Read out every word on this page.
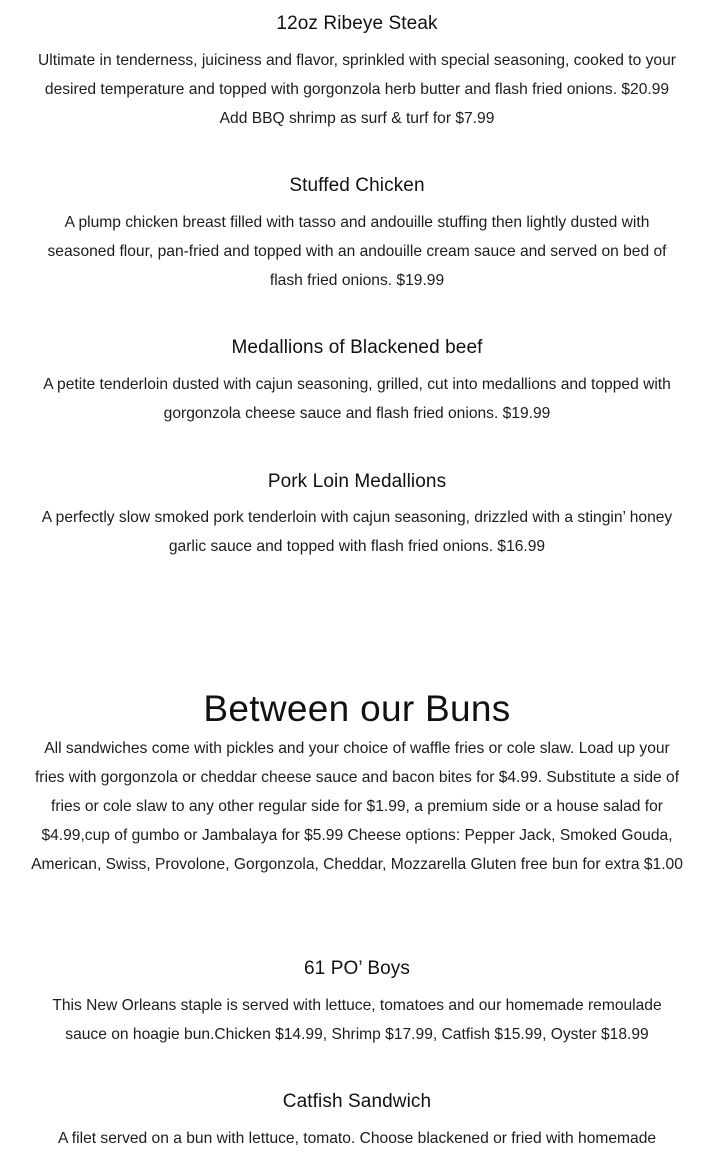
12oz Ribeye Steak
Ultimate in tenderness, juiciness and flavor, sprinkled with special seasoning, cooked to your desired temperature and topped with gorgonzola herb butter and flash fried onions. $20.99 Add BBQ shrimp as surf & turf for $7.99
Stuffed Chicken
A plump chicken breast filled with tasso and andouille stuffing then lightly dusted with seasoned flour, pan-fried and topped with an andouille cream sauce and served on bed of flash fried onions. $19.99
Medallions of Blackened beef
A petite tenderloin dusted with cajun seasoning, grilled, cut into medallions and topped with gorgonzola cheese sauce and flash fried onions. $19.99
Pork Loin Medallions
A perfectly slow smoked pork tenderloin with cajun seasoning, drizzled with a stingin’ honey garlic sauce and topped with flash fried onions. $16.99
Between our Buns
All sandwiches come with pickles and your choice of waffle fries or cole slaw. Load up your fries with gorgonzola or cheddar cheese sauce and bacon bites for $4.99. Substitute a side of fries or cole slaw to any other regular side for $1.99, a premium side or a house salad for $4.99,cup of gumbo or Jambalaya for $5.99 Cheese options: Pepper Jack, Smoked Gouda, American, Swiss, Provolone, Gorgonzola, Cheddar, Mozzarella Gluten free bun for extra $1.00
61 PO’ Boys
This New Orleans staple is served with lettuce, tomatoes and our homemade remoulade sauce on hoagie bun.Chicken $14.99, Shrimp $17.99, Catfish $15.99, Oyster $18.99
Catfish Sandwich
A filet served on a bun with lettuce, tomato. Choose blackened or fried with homemade
